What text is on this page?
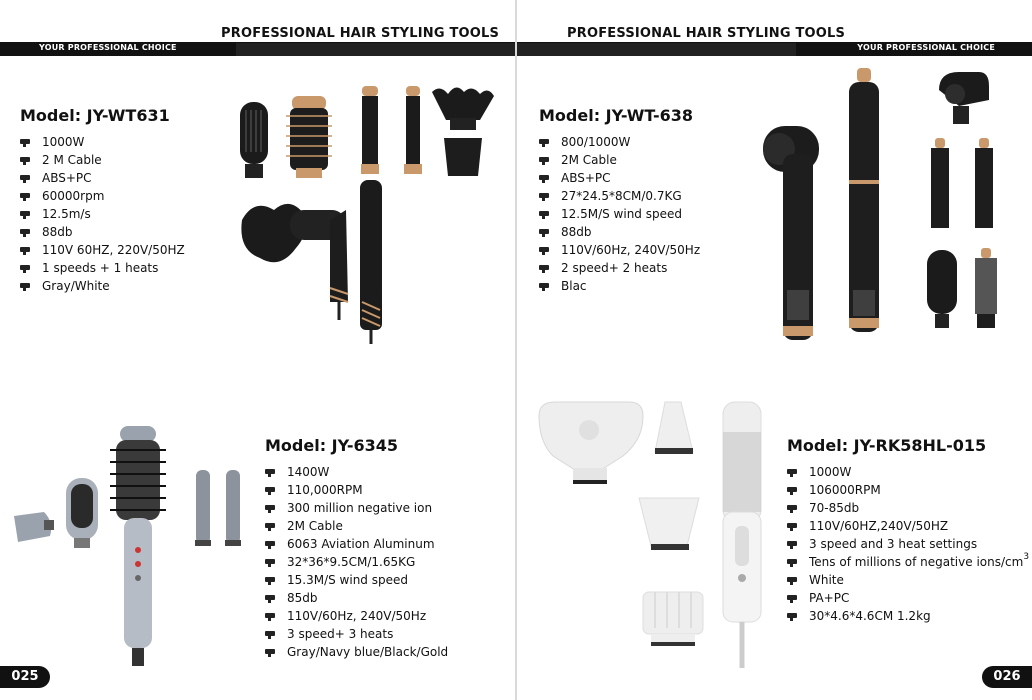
YOUR PROFESSIONAL CHOICE
PROFESSIONAL HAIR STYLING TOOLS
Model: JY-WT631
1000W
2 M Cable
ABS+PC
60000rpm
12.5m/s
88db
110V 60HZ, 220V/50HZ
1 speeds + 1 heats
Gray/White
Model: JY-6345
1400W
110,000RPM
300 million negative ion
2M Cable
6063 Aviation Aluminum
32*36*9.5CM/1.65KG
15.3M/S wind speed
85db
110V/60Hz, 240V/50Hz
3 speed+ 3 heats
Gray/Navy blue/Black/Gold
025
YOUR PROFESSIONAL CHOICE
PROFESSIONAL HAIR STYLING TOOLS
Model: JY-WT-638
800/1000W
2M Cable
ABS+PC
27*24.5*8CM/0.7KG
12.5M/S wind speed
88db
110V/60Hz, 240V/50Hz
2 speed+ 2 heats
Blac
Model: JY-RK58HL-015
1000W
106000RPM
70-85db
110V/60HZ,240V/50HZ
3 speed and 3 heat settings
Tens of millions of negative ions/$cm^3$
White
PA+PC
30*4.6*4.6CM 1.2kg
026
